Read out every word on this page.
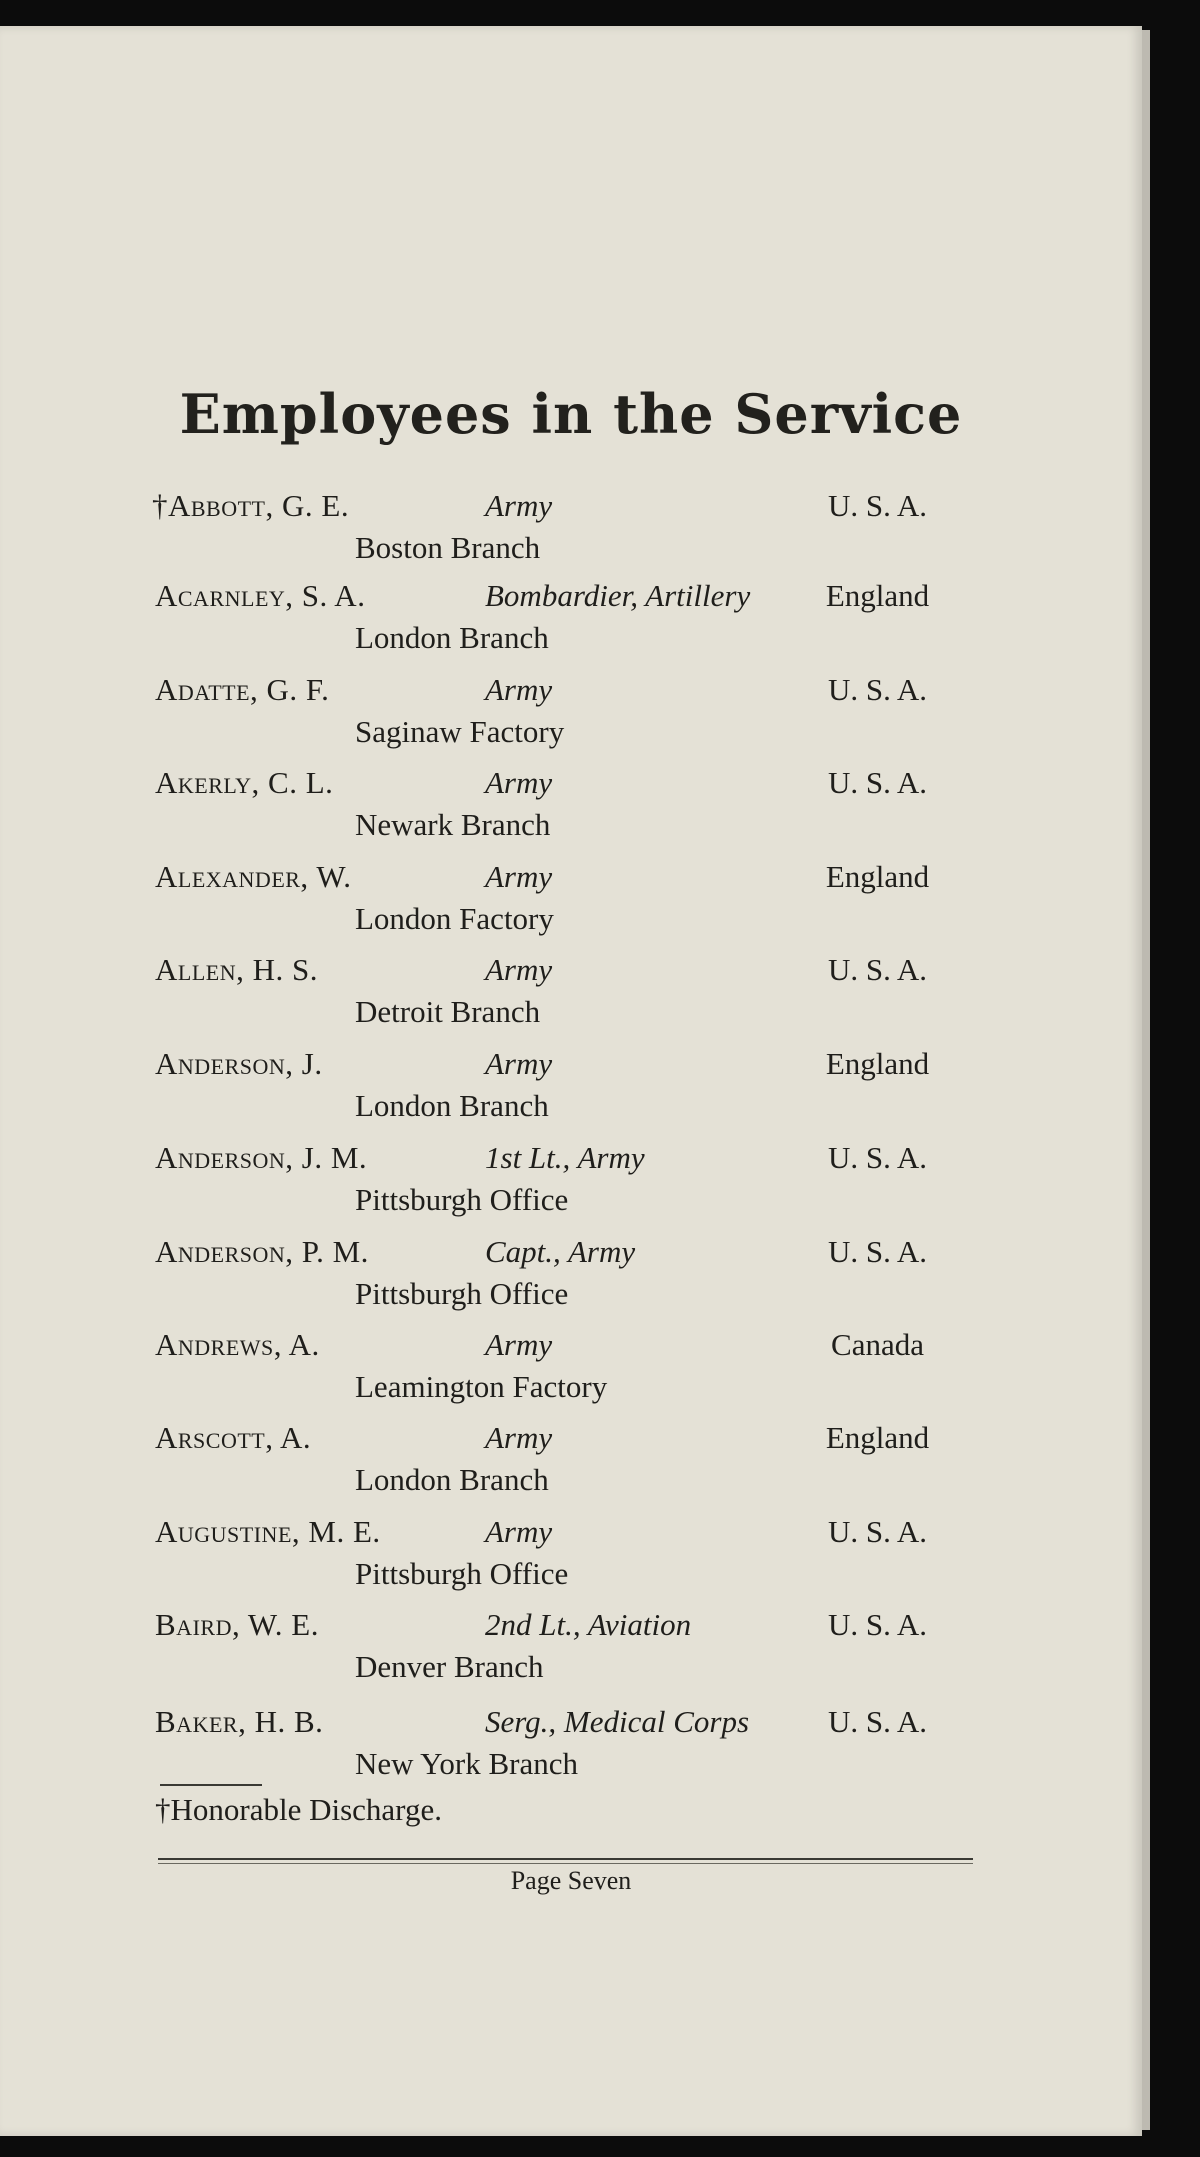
Employees in the Service
†Abbott, G. E.	Army	U. S. A.
Boston Branch
Acarnley, S. A.	Bombardier, Artillery	England
London Branch
Adatte, G. F.	Army	U. S. A.
Saginaw Factory
Akerly, C. L.	Army	U. S. A.
Newark Branch
Alexander, W.	Army	England
London Factory
Allen, H. S.	Army	U. S. A.
Detroit Branch
Anderson, J.	Army	England
London Branch
Anderson, J. M.	1st Lt., Army	U. S. A.
Pittsburgh Office
Anderson, P. M.	Capt., Army	U. S. A.
Pittsburgh Office
Andrews, A.	Army	Canada
Leamington Factory
Arscott, A.	Army	England
London Branch
Augustine, M. E.	Army	U. S. A.
Pittsburgh Office
Baird, W. E.	2nd Lt., Aviation	U. S. A.
Denver Branch
Baker, H. B.	Serg., Medical Corps	U. S. A.
New York Branch
†Honorable Discharge.
Page Seven
